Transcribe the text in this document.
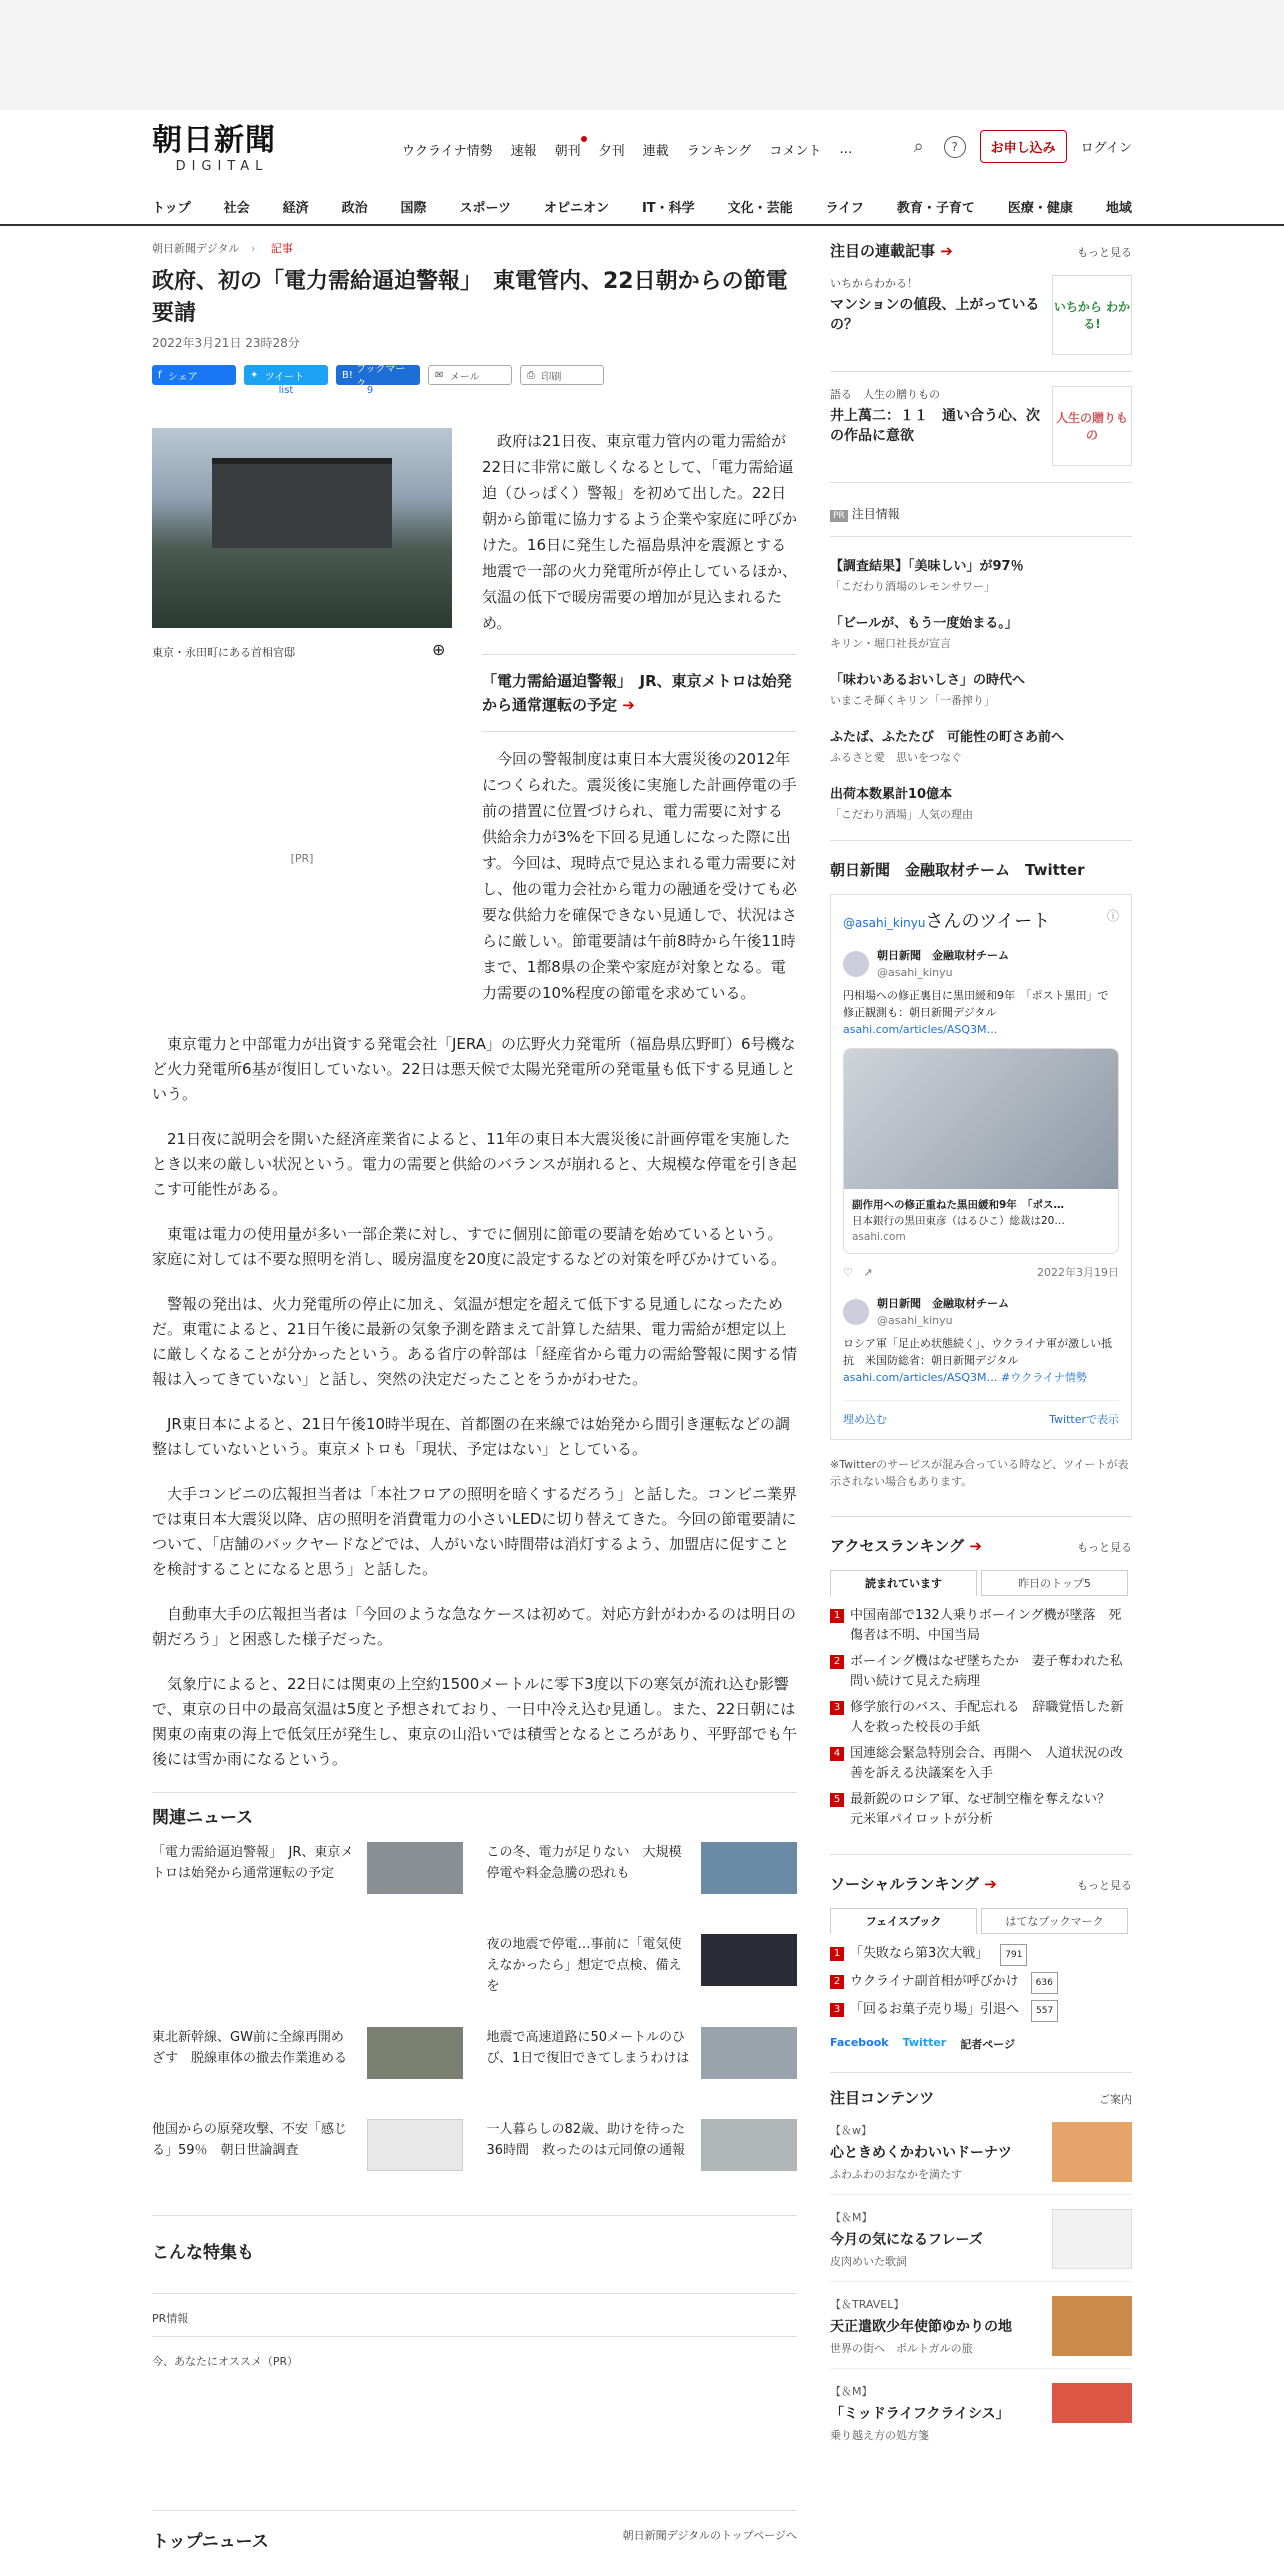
朝日新聞
DIGITAL
ウクライナ情勢 速報 朝刊 夕刊 連載 ランキング コメント …	⌕	?	お申し込み	ログイン
トップ	社会	経済	政治	国際	スポーツ	オピニオン	IT・科学	文化・芸能	ライフ	教育・子育て	医療・健康	地域
朝日新聞デジタル › 記事
政府、初の「電力需給逼迫警報」　東電管内、22日朝からの節電要請
2022年3月21日 23時28分
f シェア	✦ ツイート	B! ブックマーク
✉ メール	⎙ 印刷
list	9
東京・永田町にある首相官邸	⊕
[PR]

政府は21日夜、東京電力管内の電力需給が22日に非常に厳しくなるとして、「電力需給逼迫（ひっぱく）警報」を初めて出した。22日朝から節電に協力するよう企業や家庭に呼びかけた。16日に発生した福島県沖を震源とする地震で一部の火力発電所が停止しているほか、気温の低下で暖房需要の増加が見込まれるため。

「電力需給逼迫警報」　JR、東京メトロは始発から通常運転の予定 ➔

今回の警報制度は東日本大震災後の2012年につくられた。震災後に実施した計画停電の手前の措置に位置づけられ、電力需要に対する供給余力が3%を下回る見通しになった際に出す。今回は、現時点で見込まれる電力需要に対し、他の電力会社から電力の融通を受けても必要な供給力を確保できない見通しで、状況はさらに厳しい。節電要請は午前8時から午後11時まで、1都8県の企業や家庭が対象となる。電力需要の10%程度の節電を求めている。

東京電力と中部電力が出資する発電会社「JERA」の広野火力発電所（福島県広野町）6号機など火力発電所6基が復旧していない。22日は悪天候で太陽光発電所の発電量も低下する見通しという。

21日夜に説明会を開いた経済産業省によると、11年の東日本大震災後に計画停電を実施したとき以来の厳しい状況という。電力の需要と供給のバランスが崩れると、大規模な停電を引き起こす可能性がある。

東電は電力の使用量が多い一部企業に対し、すでに個別に節電の要請を始めているという。家庭に対しては不要な照明を消し、暖房温度を20度に設定するなどの対策を呼びかけている。

警報の発出は、火力発電所の停止に加え、気温が想定を超えて低下する見通しになったためだ。東電によると、21日午後に最新の気象予測を踏まえて計算した結果、電力需給が想定以上に厳しくなることが分かったという。ある省庁の幹部は「経産省から電力の需給警報に関する情報は入ってきていない」と話し、突然の決定だったことをうかがわせた。

JR東日本によると、21日午後10時半現在、首都圏の在来線では始発から間引き運転などの調整はしていないという。東京メトロも「現状、予定はない」としている。

大手コンビニの広報担当者は「本社フロアの照明を暗くするだろう」と話した。コンビニ業界では東日本大震災以降、店の照明を消費電力の小さいLEDに切り替えてきた。今回の節電要請について、「店舗のバックヤードなどでは、人がいない時間帯は消灯するよう、加盟店に促すことを検討することになると思う」と話した。

自動車大手の広報担当者は「今回のような急なケースは初めて。対応方針がわかるのは明日の朝だろう」と困惑した様子だった。

気象庁によると、22日には関東の上空約1500メートルに零下3度以下の寒気が流れ込む影響で、東京の日中の最高気温は5度と予想されており、一日中冷え込む見通し。また、22日朝には関東の南東の海上で低気圧が発生し、東京の山沿いでは積雪となるところがあり、平野部でも午後には雪か雨になるという。

関連ニュース
「電力需給逼迫警報」　JR、東京メトロは始発から通常運転の予定
この冬、電力が足りない　大規模停電や料金急騰の恐れも
夜の地震で停電…事前に「電気使えなかったら」想定で点検、備えを
東北新幹線、GW前に全線再開めざす　脱線車体の撤去作業進める
地震で高速道路に50メートルのひび、1日で復旧できてしまうわけは
他国からの原発攻撃、不安「感じる」59％　朝日世論調査
一人暮らしの82歳、助けを待った36時間　救ったのは元同僚の通報
こんな特集も
PR情報
今、あなたにオススメ（PR）
トップニュース	朝日新聞デジタルのトップページへ
注目の連載記事 ➔	もっと見る
いちからわかる！
マンションの値段、上がっているの？
いちから わかる!
語る　人生の贈りもの
井上萬二：１１　通い合う心、次の作品に意欲
人生の贈りもの
PR 注目情報
【調査結果】「美味しい」が97％
「こだわり酒場のレモンサワー」
「ビールが、もう一度始まる。」
キリン・堀口社長が宣言
「味わいあるおいしさ」の時代へ
いまこそ輝くキリン「一番搾り」
ふたば、ふたたび　可能性の町さあ前へ
ふるさと愛　思いをつなぐ
出荷本数累計10億本
「こだわり酒場」人気の理由
朝日新聞　金融取材チーム　Twitter
@asahi_kinyuさんのツイート	ⓘ
朝日新聞　金融取材チーム
@asahi_kinyu
円相場への修正裏目に黒田緩和9年　「ポスト黒田」で修正観測も：朝日新聞デジタル
asahi.com/articles/ASQ3M…
副作用への修正重ねた黒田緩和9年　「ポス…
日本銀行の黒田東彦（はるひこ）総裁は20…
asahi.com
♡   ↗	2022年3月19日
朝日新聞　金融取材チーム
@asahi_kinyu
ロシア軍「足止め状態続く」、ウクライナ軍が激しい抵抗　米国防総省：朝日新聞デジタル
asahi.com/articles/ASQ3M… #ウクライナ情勢
埋め込む	Twitterで表示
※Twitterのサービスが混み合っている時など、ツイートが表示されない場合もあります。
アクセスランキング ➔	もっと見る
読まれています	昨日のトップ5
1 中国南部で132人乗りボーイング機が墜落　死傷者は不明、中国当局
2 ボーイング機はなぜ墜ちたか　妻子奪われた私　問い続けて見えた病理
3 修学旅行のバス、手配忘れる　辞職覚悟した新人を救った校長の手紙
4 国連総会緊急特別会合、再開へ　人道状況の改善を訴える決議案を入手
5 最新鋭のロシア軍、なぜ制空権を奪えない？　元米軍パイロットが分析
ソーシャルランキング ➔	もっと見る
フェイスブック	はてなブックマーク
1 「失敗なら第3次大戦」	791
2 ウクライナ副首相が呼びかけ	636
3 「回るお菓子売り場」引退へ	557
Facebook Twitter 記者ページ
注目コンテンツ	ご案内
【＆w】
心ときめくかわいいドーナツ
ふわふわのおなかを満たす
【＆M】
今月の気になるフレーズ
皮肉めいた歌詞
【＆TRAVEL】
天正遣欧少年使節ゆかりの地
世界の街へ　ポルトガルの旅
【＆M】
「ミッドライフクライシス」
乗り越え方の処方箋
